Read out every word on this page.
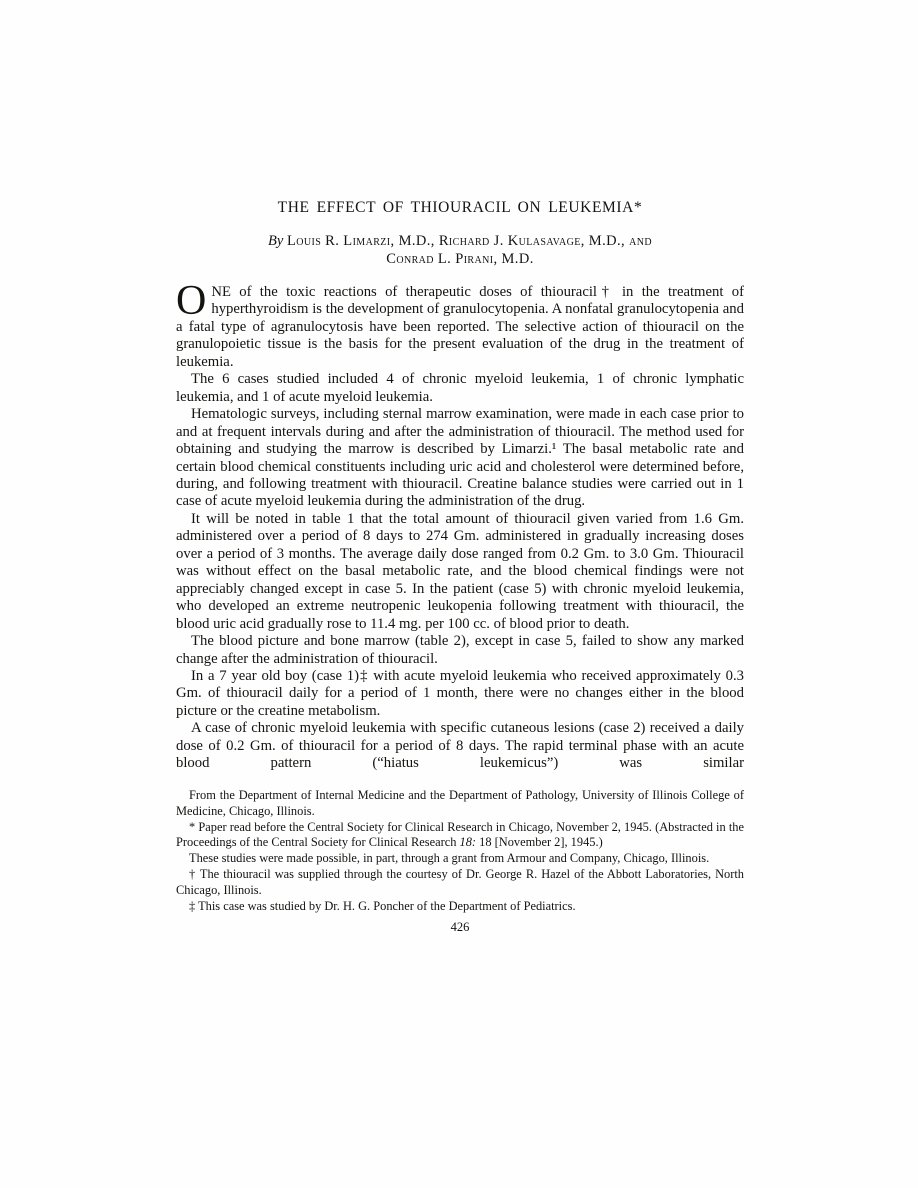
THE EFFECT OF THIOURACIL ON LEUKEMIA*
By Louis R. Limarzi, M.D., Richard J. Kulasavage, M.D., and
Conrad L. Pirani, M.D.

ONE of the toxic reactions of therapeutic doses of thiouracil† in the treatment of hyperthyroidism is the development of granulocytopenia. A nonfatal granulocytopenia and a fatal type of agranulocytosis have been reported. The selective action of thiouracil on the granulopoietic tissue is the basis for the present evaluation of the drug in the treatment of leukemia.

The 6 cases studied included 4 of chronic myeloid leukemia, 1 of chronic lymphatic leukemia, and 1 of acute myeloid leukemia.

Hematologic surveys, including sternal marrow examination, were made in each case prior to and at frequent intervals during and after the administration of thiouracil. The method used for obtaining and studying the marrow is described by Limarzi.¹ The basal metabolic rate and certain blood chemical constituents including uric acid and cholesterol were determined before, during, and following treatment with thiouracil. Creatine balance studies were carried out in 1 case of acute myeloid leukemia during the administration of the drug.

It will be noted in table 1 that the total amount of thiouracil given varied from 1.6 Gm. administered over a period of 8 days to 274 Gm. administered in gradually increasing doses over a period of 3 months. The average daily dose ranged from 0.2 Gm. to 3.0 Gm. Thiouracil was without effect on the basal metabolic rate, and the blood chemical findings were not appreciably changed except in case 5. In the patient (case 5) with chronic myeloid leukemia, who developed an extreme neutropenic leukopenia following treatment with thiouracil, the blood uric acid gradually rose to 11.4 mg. per 100 cc. of blood prior to death.

The blood picture and bone marrow (table 2), except in case 5, failed to show any marked change after the administration of thiouracil.

In a 7 year old boy (case 1)‡ with acute myeloid leukemia who received approximately 0.3 Gm. of thiouracil daily for a period of 1 month, there were no changes either in the blood picture or the creatine metabolism.

A case of chronic myeloid leukemia with specific cutaneous lesions (case 2) received a daily dose of 0.2 Gm. of thiouracil for a period of 8 days. The rapid terminal phase with an acute blood pattern (“hiatus leukemicus”) was similar

From the Department of Internal Medicine and the Department of Pathology, University of Illinois College of Medicine, Chicago, Illinois.

* Paper read before the Central Society for Clinical Research in Chicago, November 2, 1945. (Abstracted in the Proceedings of the Central Society for Clinical Research 18: 18 [November 2], 1945.)

These studies were made possible, in part, through a grant from Armour and Company, Chicago, Illinois.

† The thiouracil was supplied through the courtesy of Dr. George R. Hazel of the Abbott Laboratories, North Chicago, Illinois.

‡ This case was studied by Dr. H. G. Poncher of the Department of Pediatrics.

426
